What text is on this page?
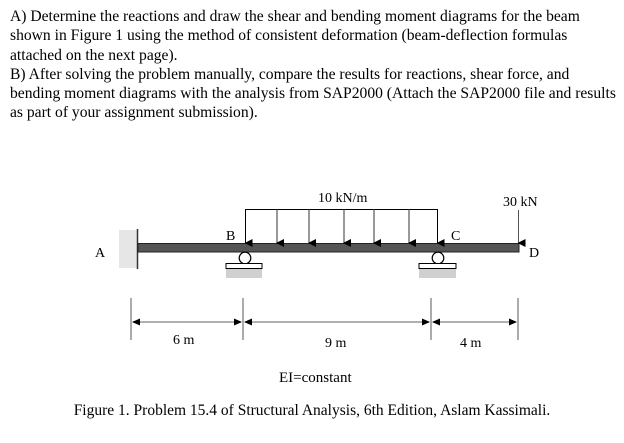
A) Determine the reactions and draw the shear and bending moment diagrams for the beam shown in Figure 1 using the method of consistent deformation (beam-deflection formulas attached on the next page).

B) After solving the problem manually, compare the results for reactions, shear force, and bending moment diagrams with the analysis from SAP2000 (Attach the SAP2000 file and results as part of your assignment submission).

10 kN/m	30 kN
A
B	C
D
6 m	9 m	4 m
EI=constant
Figure 1. Problem 15.4 of Structural Analysis, 6th Edition, Aslam Kassimali.
